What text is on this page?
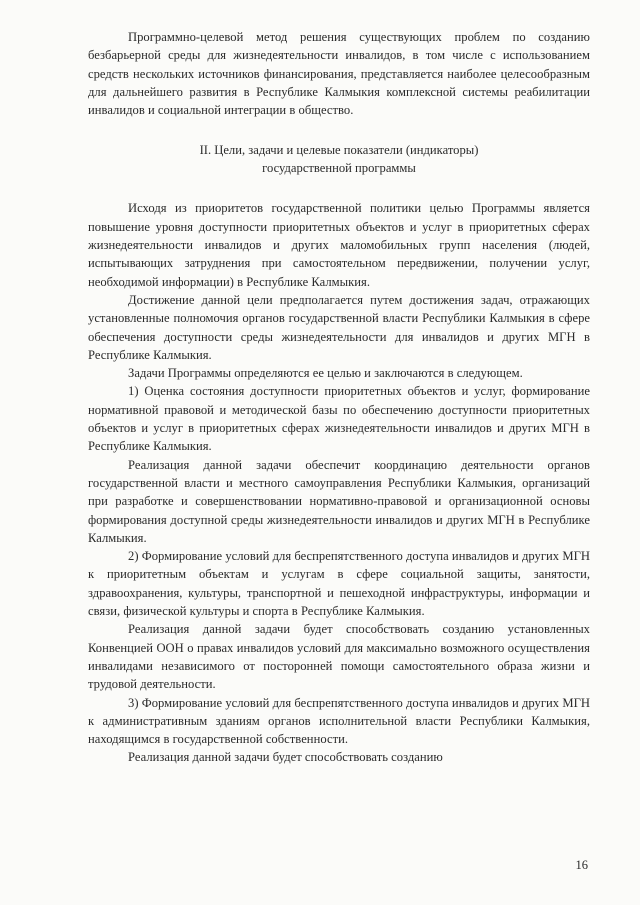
Программно-целевой метод решения существующих проблем по созданию безбарьерной среды для жизнедеятельности инвалидов, в том числе с использованием средств нескольких источников финансирования, представляется наиболее целесообразным для дальнейшего развития в Республике Калмыкия комплексной системы реабилитации инвалидов и социальной интеграции в общество.

II. Цели, задачи и целевые показатели (индикаторы)
государственной программы

Исходя из приоритетов государственной политики целью Программы является повышение уровня доступности приоритетных объектов и услуг в приоритетных сферах жизнедеятельности инвалидов и других маломобильных групп населения (людей, испытывающих затруднения при самостоятельном передвижении, получении услуг, необходимой информации) в Республике Калмыкия.

Достижение данной цели предполагается путем достижения задач, отражающих установленные полномочия органов государственной власти Республики Калмыкия в сфере обеспечения доступности среды жизнедеятельности для инвалидов и других МГН в Республике Калмыкия.

Задачи Программы определяются ее целью и заключаются в следующем.

1) Оценка состояния доступности приоритетных объектов и услуг, формирование нормативной правовой и методической базы по обеспечению доступности приоритетных объектов и услуг в приоритетных сферах жизнедеятельности инвалидов и других МГН в Республике Калмыкия.

Реализация данной задачи обеспечит координацию деятельности органов государственной власти и местного самоуправления Республики Калмыкия, организаций при разработке и совершенствовании нормативно-правовой и организационной основы формирования доступной среды жизнедеятельности инвалидов и других МГН в Республике Калмыкия.

2) Формирование условий для беспрепятственного доступа инвалидов и других МГН к приоритетным объектам и услугам в сфере социальной защиты, занятости, здравоохранения, культуры, транспортной и пешеходной инфраструктуры, информации и связи, физической культуры и спорта в Республике Калмыкия.

Реализация данной задачи будет способствовать созданию установленных Конвенцией ООН о правах инвалидов условий для максимально возможного осуществления инвалидами независимого от посторонней помощи самостоятельного образа жизни и трудовой деятельности.

3) Формирование условий для беспрепятственного доступа инвалидов и других МГН к административным зданиям органов исполнительной власти Республики Калмыкия, находящимся в государственной собственности.

Реализация данной задачи будет способствовать созданию

16
